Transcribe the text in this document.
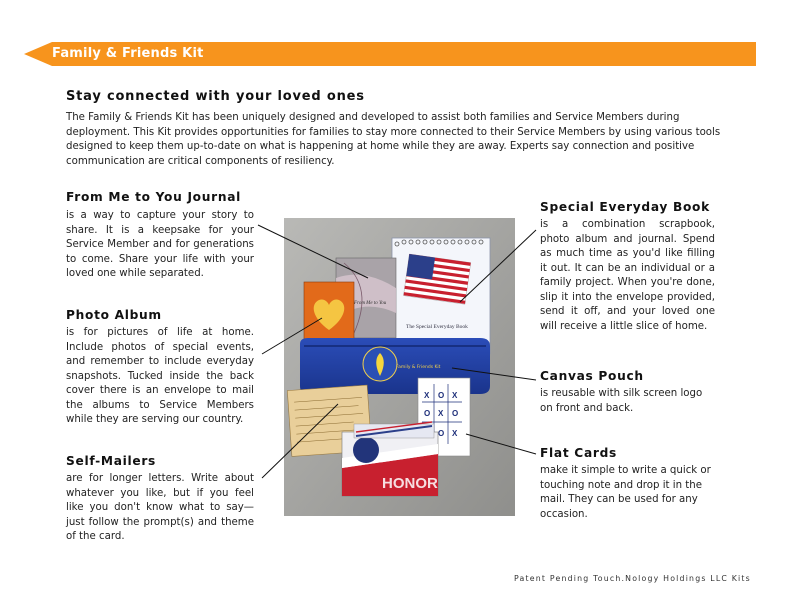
Family & Friends Kit
Stay connected with your loved ones
The Family & Friends Kit has been uniquely designed and developed to assist both families and Service Members during deployment. This Kit provides opportunities for families to stay more connected to their Service Members by using various tools designed to keep them up-to-date on what is happening at home while they are away. Experts say connection and positive communication are critical components of resiliency.
From Me to You Journal
is a way to capture your story to share. It is a keepsake for your Service Member and for generations to come. Share your life with your loved one while separated.
Photo Album
is for pictures of life at home. Include photos of special events, and remember to include everyday snapshots. Tucked inside the back cover there is an envelope to mail the albums to Service Members while they are serving our country.
Self-Mailers
are for longer letters. Write about whatever you like, but if you feel like you don't know what to say—just follow the prompt(s) and theme of the card.
Special Everyday Book
is a combination scrapbook, photo album and journal. Spend as much time as you'd like filling it out. It can be an individual or a family project. When you're done, slip it into the envelope provided, send it off, and your loved one will receive a little slice of home.
Canvas Pouch
is reusable with silk screen logo on front and back.
Flat Cards
make it simple to write a quick or touching note and drop it in the mail. They can be used for any occasion.
The Special Everyday Book
From Me to You
Family & Friends Kit
X O X
O X O
O X
HONOR
Patent Pending Touch.Nology Holdings LLC Kits
